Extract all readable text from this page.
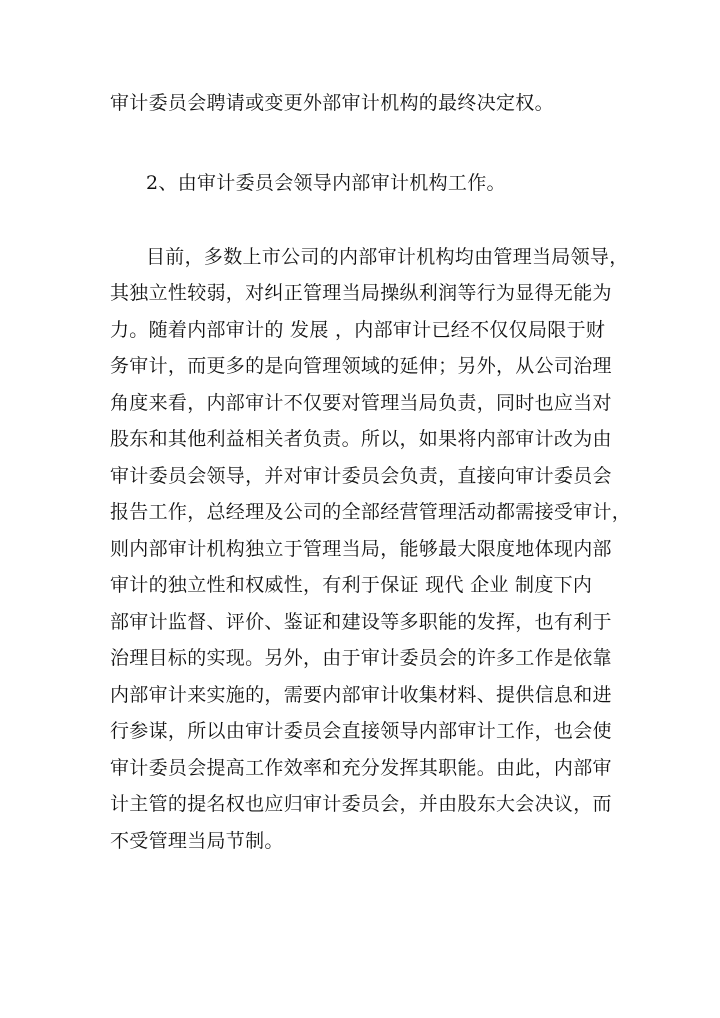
审计委员会聘请或变更外部审计机构的最终决定权。
2、由审计委员会领导内部审计机构工作。
目前，多数上市公司的内部审计机构均由管理当局领导，
其独立性较弱，对纠正管理当局操纵利润等行为显得无能为
力。随着内部审计的 发展 ，内部审计已经不仅仅局限于财
务审计，而更多的是向管理领域的延伸；另外，从公司治理
角度来看，内部审计不仅要对管理当局负责，同时也应当对
股东和其他利益相关者负责。所以，如果将内部审计改为由
审计委员会领导，并对审计委员会负责，直接向审计委员会
报告工作，总经理及公司的全部经营管理活动都需接受审计，
则内部审计机构独立于管理当局，能够最大限度地体现内部
审计的独立性和权威性，有利于保证 现代 企业 制度下内
部审计监督、评价、鉴证和建设等多职能的发挥，也有利于
治理目标的实现。另外，由于审计委员会的许多工作是依靠
内部审计来实施的，需要内部审计收集材料、提供信息和进
行参谋，所以由审计委员会直接领导内部审计工作，也会使
审计委员会提高工作效率和充分发挥其职能。由此，内部审
计主管的提名权也应归审计委员会，并由股东大会决议，而
不受管理当局节制。
